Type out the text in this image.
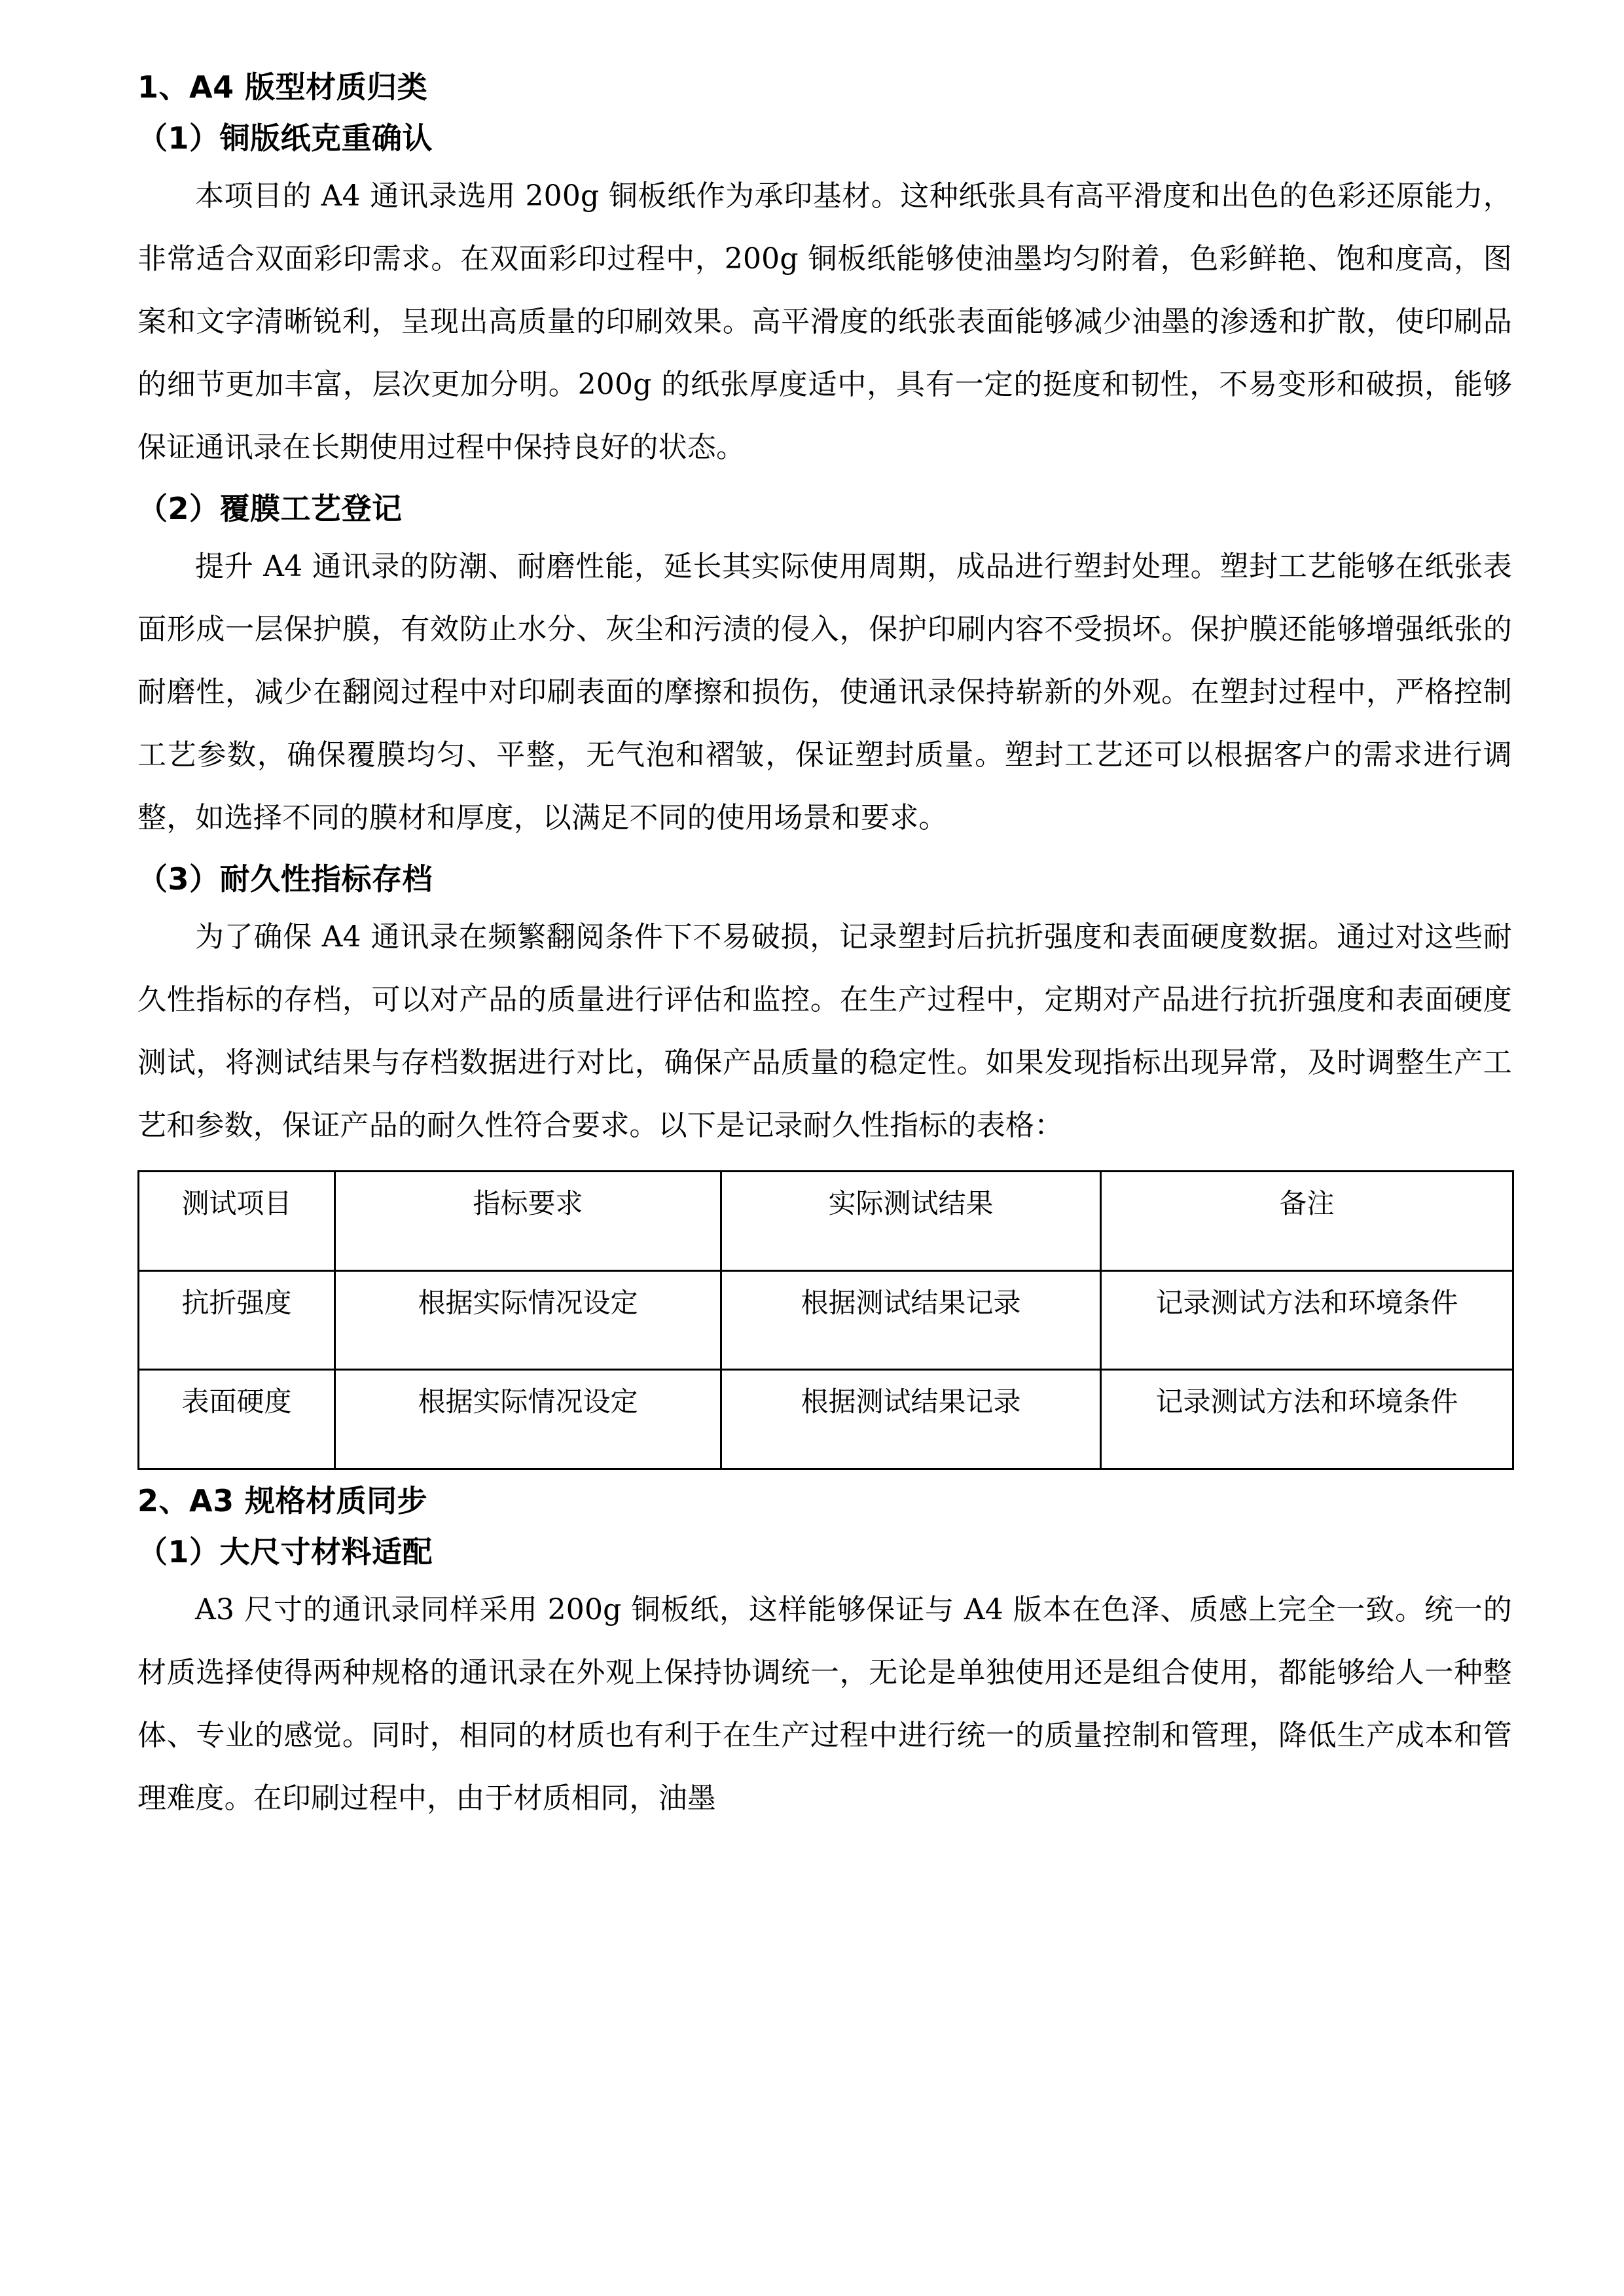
1、A4 版型材质归类
（1）铜版纸克重确认

本项目的 A4 通讯录选用 200g 铜板纸作为承印基材。这种纸张具有高平滑度和出色的色彩还原能力，非常适合双面彩印需求。在双面彩印过程中，200g 铜板纸能够使油墨均匀附着，色彩鲜艳、饱和度高，图案和文字清晰锐利，呈现出高质量的印刷效果。高平滑度的纸张表面能够减少油墨的渗透和扩散，使印刷品的细节更加丰富，层次更加分明。200g 的纸张厚度适中，具有一定的挺度和韧性，不易变形和破损，能够保证通讯录在长期使用过程中保持良好的状态。

（2）覆膜工艺登记

提升 A4 通讯录的防潮、耐磨性能，延长其实际使用周期，成品进行塑封处理。塑封工艺能够在纸张表面形成一层保护膜，有效防止水分、灰尘和污渍的侵入，保护印刷内容不受损坏。保护膜还能够增强纸张的耐磨性，减少在翻阅过程中对印刷表面的摩擦和损伤，使通讯录保持崭新的外观。在塑封过程中，严格控制工艺参数，确保覆膜均匀、平整，无气泡和褶皱，保证塑封质量。塑封工艺还可以根据客户的需求进行调整，如选择不同的膜材和厚度，以满足不同的使用场景和要求。

（3）耐久性指标存档

为了确保 A4 通讯录在频繁翻阅条件下不易破损，记录塑封后抗折强度和表面硬度数据。通过对这些耐久性指标的存档，可以对产品的质量进行评估和监控。在生产过程中，定期对产品进行抗折强度和表面硬度测试，将测试结果与存档数据进行对比，确保产品质量的稳定性。如果发现指标出现异常，及时调整生产工艺和参数，保证产品的耐久性符合要求。以下是记录耐久性指标的表格：

测试项目	指标要求	实际测试结果	备注
抗折强度	根据实际情况设定	根据测试结果记录	记录测试方法和环境条件
表面硬度	根据实际情况设定	根据测试结果记录	记录测试方法和环境条件
2、A3 规格材质同步
（1）大尺寸材料适配

A3 尺寸的通讯录同样采用 200g 铜板纸，这样能够保证与 A4 版本在色泽、质感上完全一致。统一的材质选择使得两种规格的通讯录在外观上保持协调统一，无论是单独使用还是组合使用，都能够给人一种整体、专业的感觉。同时，相同的材质也有利于在生产过程中进行统一的质量控制和管理，降低生产成本和管理难度。在印刷过程中，由于材质相同，油墨
